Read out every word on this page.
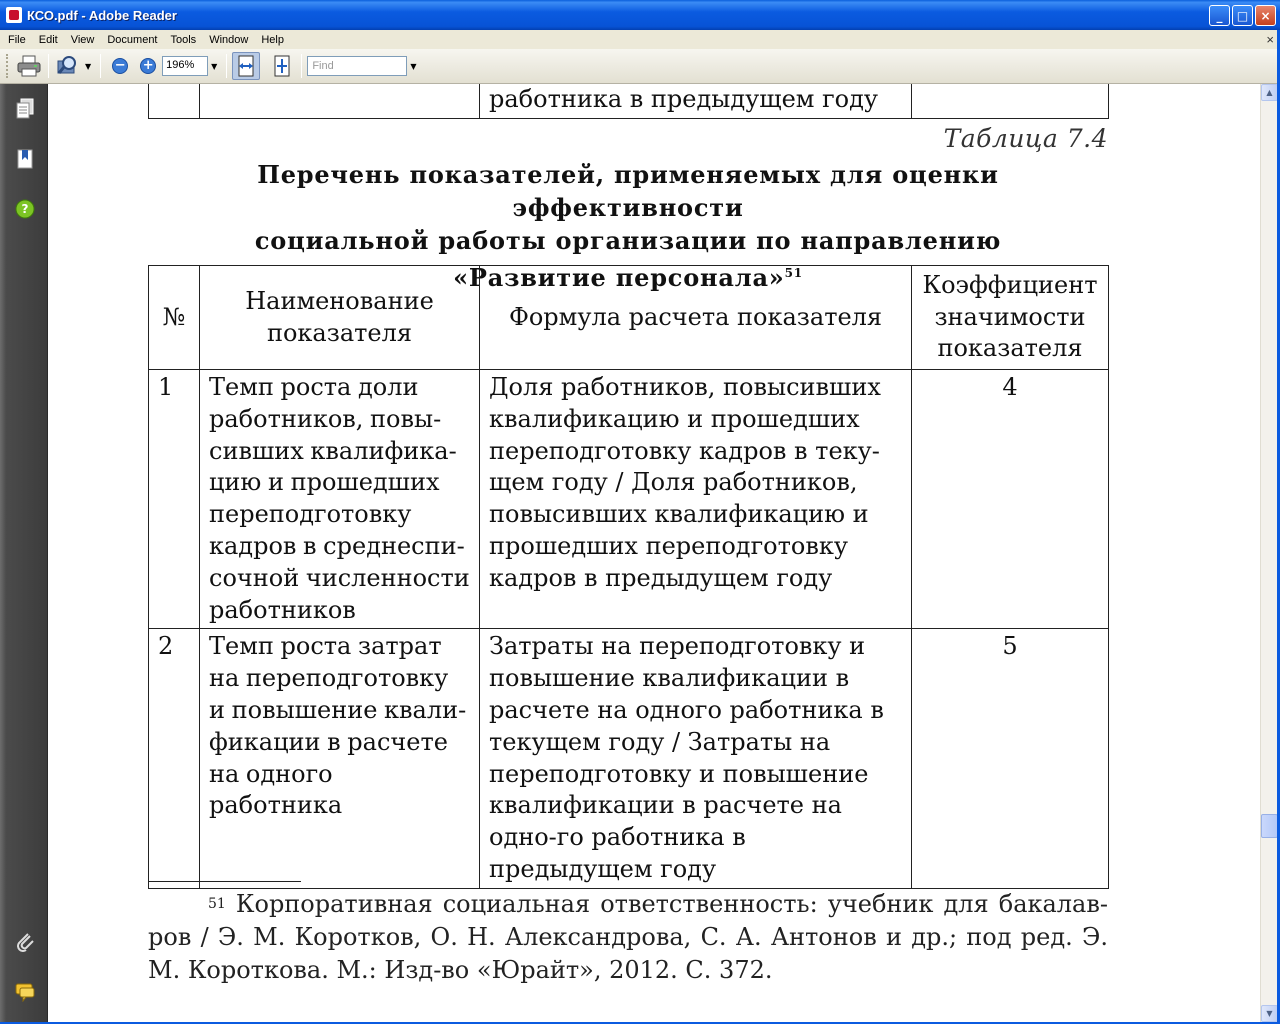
КСО.pdf - Adobe Reader	_	□	×
File	Edit	View	Document	Tools	Window	Help	×
▼ − +	196%	▼	Find	▼
?
		работника в предыдущем году	
Таблица 7.4
Перечень показателей, применяемых для оценки эффективности
социальной работы организации по направлению
«Развитие персонала»$^{51}$
№	Наименование показателя	Формула расчета показателя	Коэффициент значимости показателя
1	Темп роста доли работников, повы-сивших квалифика-цию и прошедших переподготовку кадров в среднеспи-сочной численности работников	Доля работников, повысивших квалификацию и прошедших переподготовку кадров в теку-щем году / Доля работников, повысивших квалификацию и прошедших переподготовку кадров в предыдущем году	4
2	Темп роста затрат на переподготовку и повышение квали-фикации в расчете на одного работника	Затраты на переподготовку и повышение квалификации в расчете на одного работника в текущем году / Затраты на переподготовку и повышение квалификации в расчете на одно-го работника в предыдущем году	5
$^{51}$ Корпоративная социальная ответственность: учебник для бакалав-ров / Э. М. Коротков, О. Н. Александрова, С. А. Антонов и др.; под ред. Э. М. Короткова. М.: Изд-во «Юрайт», 2012. С. 372.
▲
▼
